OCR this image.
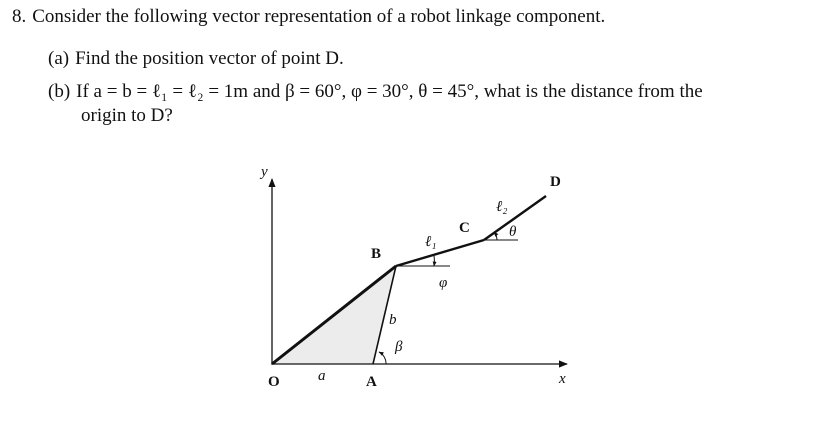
8. Consider the following vector representation of a robot linkage component.
(a) Find the position vector of point D.
(b) If a = b = ℓ₁ = ℓ₂ = 1m and β = 60°, φ = 30°, θ = 45°, what is the distance from the
origin to D?
y
x
O	a	A
B
b
β
ℓ₁
φ
C
ℓ₂
θ
D
